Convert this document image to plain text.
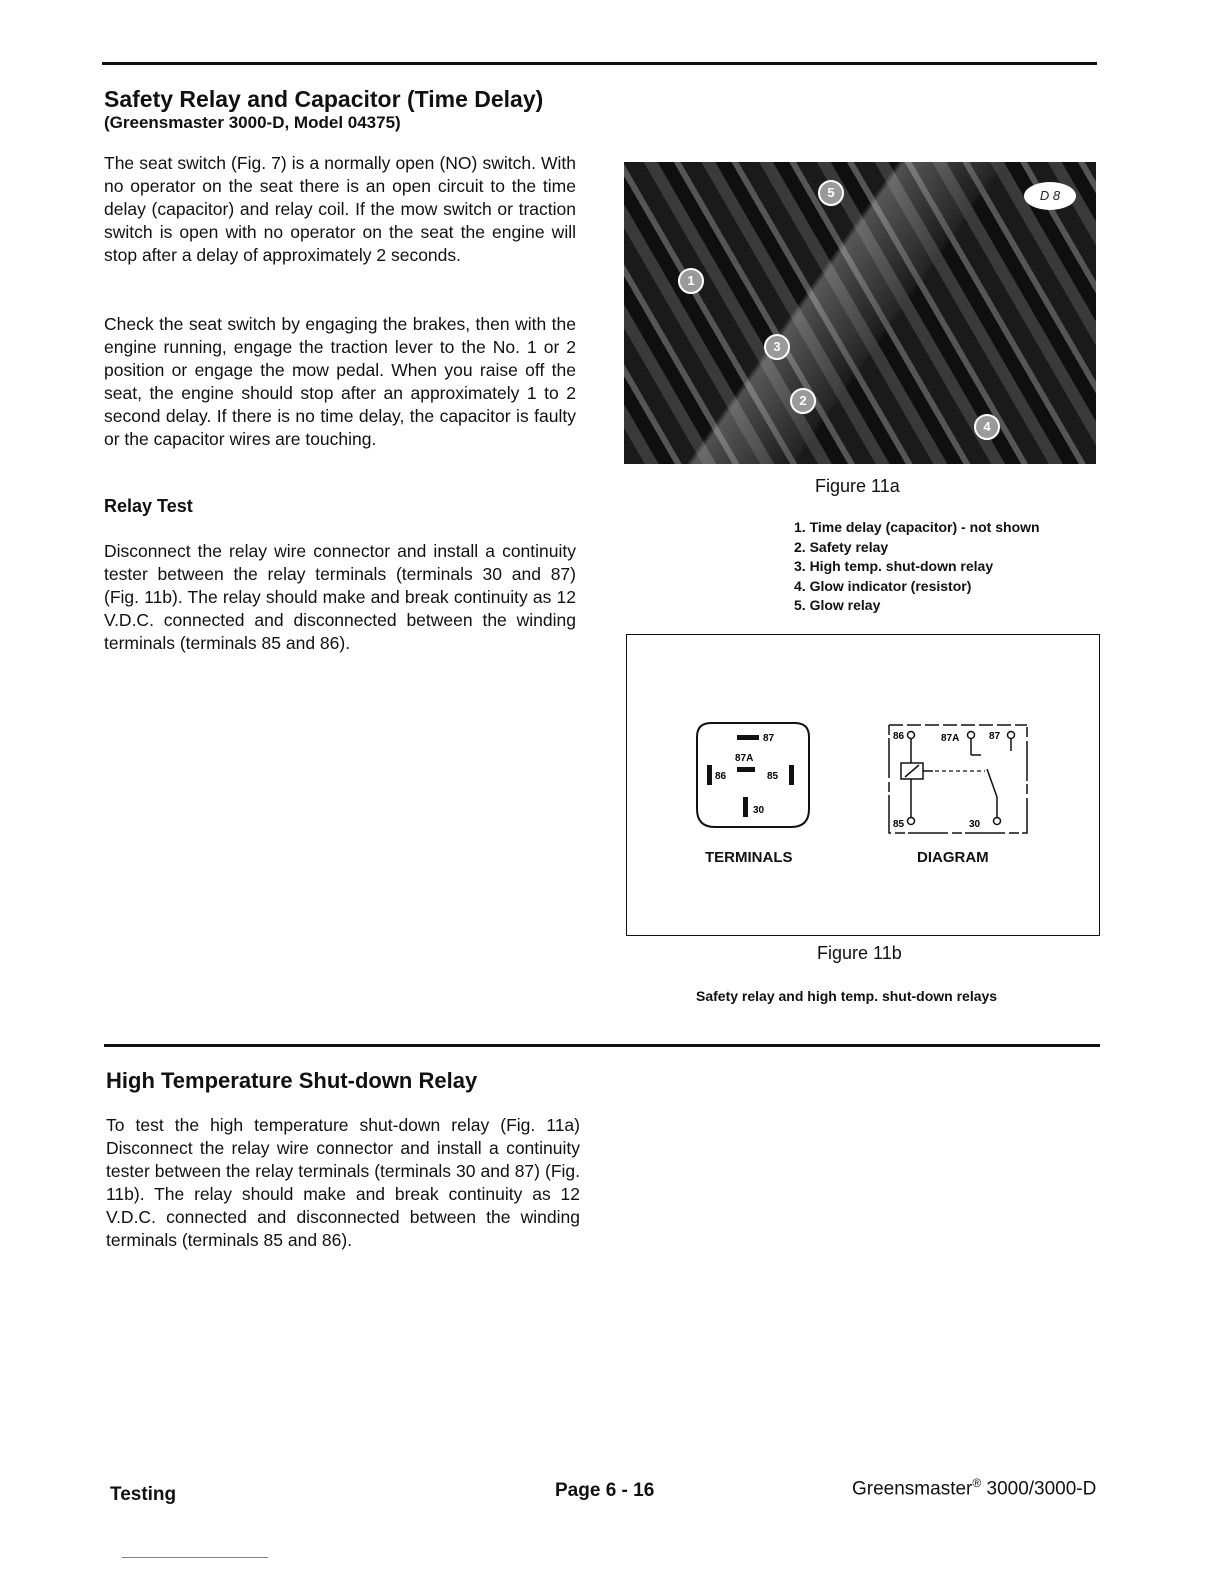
Safety Relay and Capacitor (Time Delay)
(Greensmaster 3000-D, Model 04375)

The seat switch (Fig. 7) is a normally open (NO) switch. With no operator on the seat there is an open circuit to the time delay (capacitor) and relay coil. If the mow switch or traction switch is open with no operator on the seat the engine will stop after a delay of approximately 2 seconds.

Check the seat switch by engaging the brakes, then with the engine running, engage the traction lever to the No. 1 or 2 position or engage the mow pedal. When you raise off the seat, the engine should stop after an approximately 1 to 2 second delay. If there is no time delay, the capacitor is faulty or the capacitor wires are touching.

Relay Test

Disconnect the relay wire connector and install a continuity tester between the relay terminals (terminals 30 and 87) (Fig. 11b). The relay should make and break continuity as 12 V.D.C. connected and disconnected between the winding terminals (terminals 85 and 86).

D 8
5
1
3
2
4
Figure 11a
1. Time delay (capacitor) - not shown
2. Safety relay
3. High temp. shut-down relay
4. Glow indicator (resistor)
5. Glow relay
87
87A
86	85
30
TERMINALS
86	87A	87
85	30
DIAGRAM
Figure 11b
Safety relay and high temp. shut-down relays
High Temperature Shut-down Relay

To test the high temperature shut-down relay (Fig. 11a) Disconnect the relay wire connector and install a continuity tester between the relay terminals (terminals 30 and 87) (Fig. 11b). The relay should make and break continuity as 12 V.D.C. connected and disconnected between the winding terminals (terminals 85 and 86).

Testing	Page 6 - 16	Greensmaster® 3000/3000-D
